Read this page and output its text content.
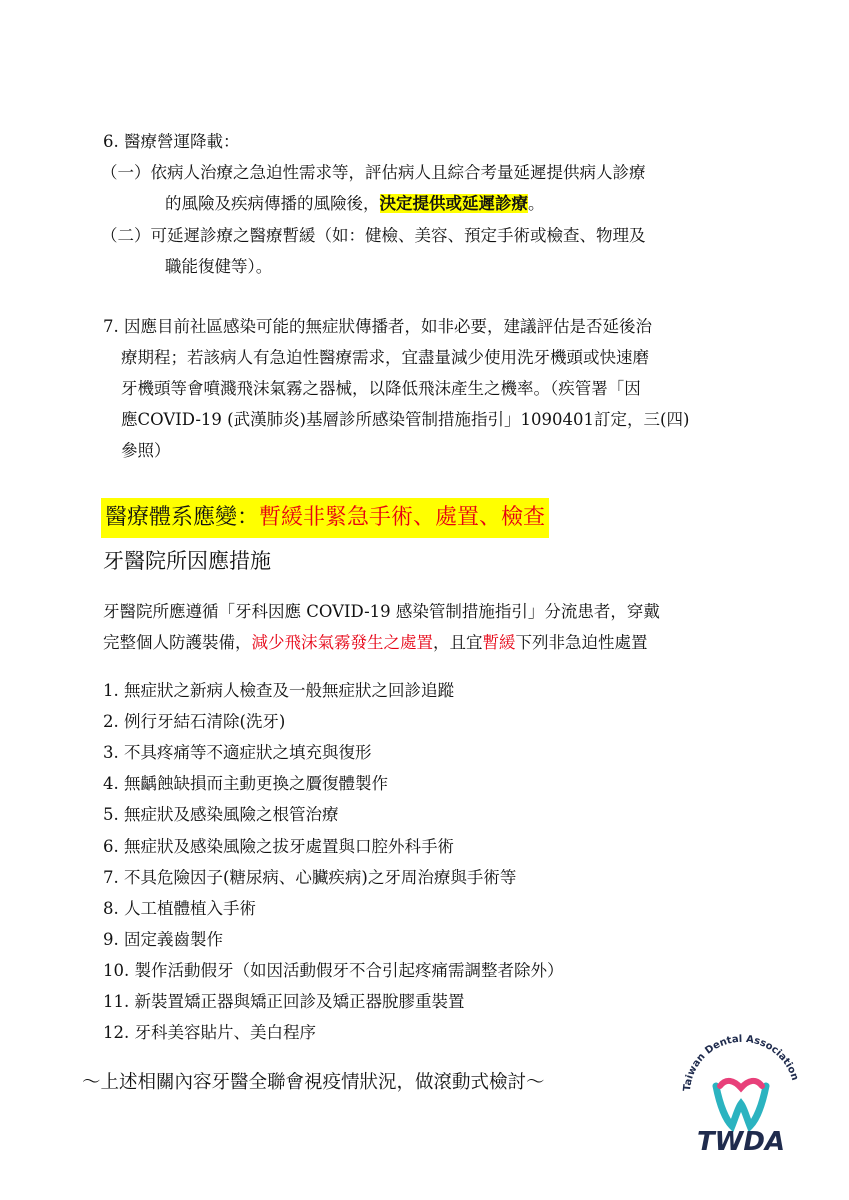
6. 醫療營運降載：
（一）依病人治療之急迫性需求等，評估病人且綜合考量延遲提供病人診療
的風險及疾病傳播的風險後，決定提供或延遲診療。
（二）可延遲診療之醫療暫緩（如：健檢、美容、預定手術或檢查、物理及
職能復健等）。
7. 因應目前社區感染可能的無症狀傳播者，如非必要，建議評估是否延後治
療期程；若該病人有急迫性醫療需求，宜盡量減少使用洗牙機頭或快速磨
牙機頭等會噴濺飛沫氣霧之器械，以降低飛沫產生之機率。（疾管署「因
應COVID-19 (武漢肺炎)基層診所感染管制措施指引」1090401訂定，三(四)
參照）
醫療體系應變：暫緩非緊急手術、處置、檢查
牙醫院所因應措施
牙醫院所應遵循「牙科因應 COVID-19 感染管制措施指引」分流患者，穿戴
完整個人防護裝備，減少飛沫氣霧發生之處置，且宜暫緩下列非急迫性處置
1. 無症狀之新病人檢查及一般無症狀之回診追蹤
2. 例行牙結石清除(洗牙)
3. 不具疼痛等不適症狀之填充與復形
4. 無齲蝕缺損而主動更換之贗復體製作
5. 無症狀及感染風險之根管治療
6. 無症狀及感染風險之拔牙處置與口腔外科手術
7. 不具危險因子(糖尿病、心臟疾病)之牙周治療與手術等
8. 人工植體植入手術
9. 固定義齒製作
10. 製作活動假牙（如因活動假牙不合引起疼痛需調整者除外）
11. 新裝置矯正器與矯正回診及矯正器脫膠重裝置
12. 牙科美容貼片、美白程序
～上述相關內容牙醫全聯會視疫情狀況，做滾動式檢討～	Taiwan Dental Association
TWDA
